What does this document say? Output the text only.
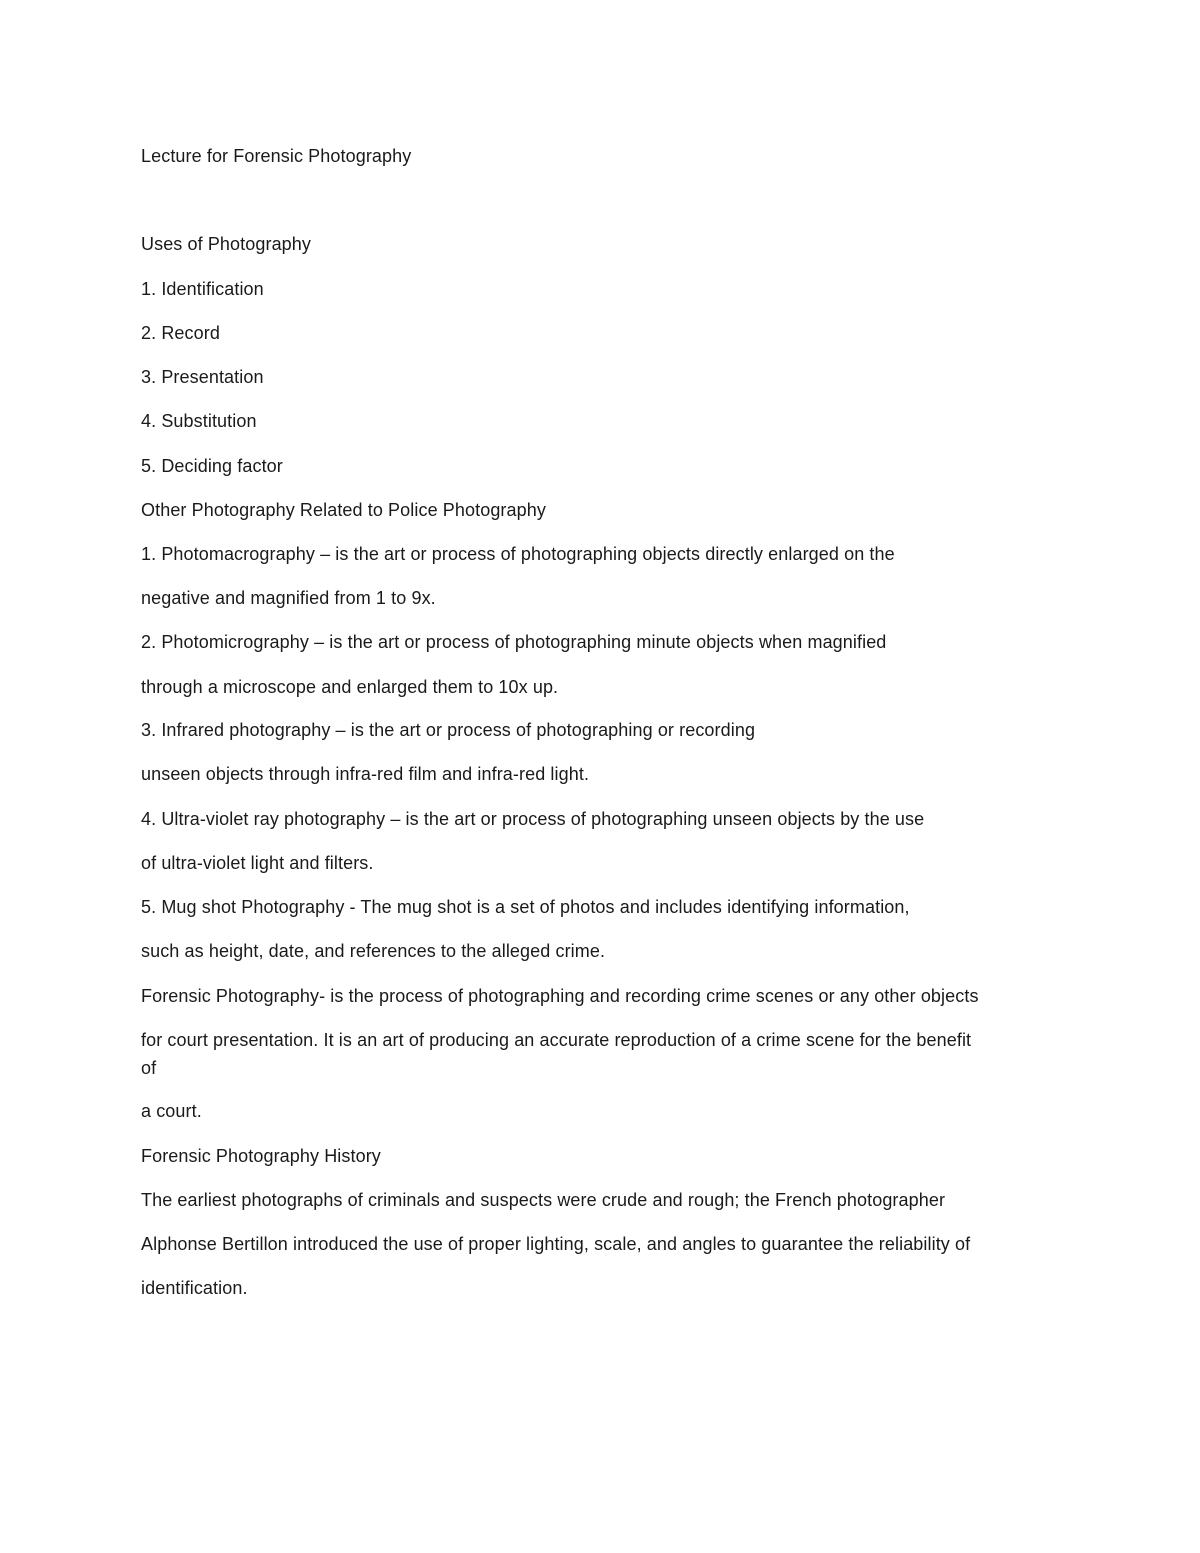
Lecture for Forensic Photography
Uses of Photography
1. Identification
2. Record
3. Presentation
4. Substitution
5. Deciding factor
Other Photography Related to Police Photography
1. Photomacrography – is the art or process of photographing objects directly enlarged on the
negative and magnified from 1 to 9x.
2. Photomicrography – is the art or process of photographing minute objects when magnified
through a microscope and enlarged them to 10x up.
3. Infrared photography – is the art or process of photographing or recording
unseen objects through infra-red film and infra-red light.
4. Ultra-violet ray photography – is the art or process of photographing unseen objects by the use
of ultra-violet light and filters.
5. Mug shot Photography - The mug shot is a set of photos and includes identifying information,
such as height, date, and references to the alleged crime.
Forensic Photography- is the process of photographing and recording crime scenes or any other objects
for court presentation. It is an art of producing an accurate reproduction of a crime scene for the benefit
of
a court.
Forensic Photography History
The earliest photographs of criminals and suspects were crude and rough; the French photographer
Alphonse Bertillon introduced the use of proper lighting, scale, and angles to guarantee the reliability of
identification.
